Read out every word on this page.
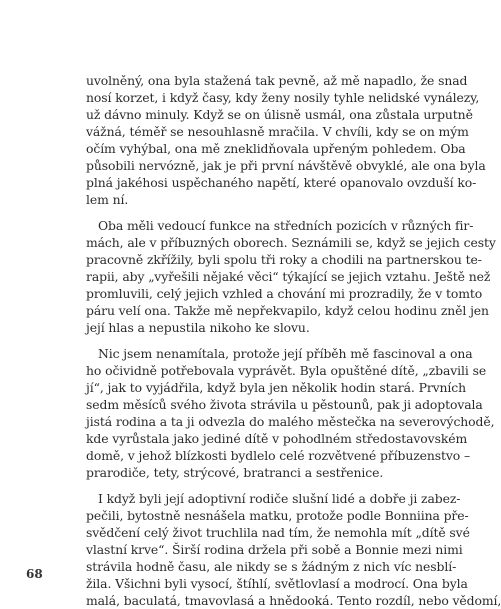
uvolněný, ona byla stažená tak pevně, až mě napadlo, že snad
nosí korzet, i když časy, kdy ženy nosily tyhle nelidské vynálezy,
už dávno minuly. Když se on úlisně usmál, ona zůstala urputně
vážná, téměř se nesouhlasně mračila. V chvíli, kdy se on mým
očím vyhýbal, ona mě zneklidňovala upřeným pohledem. Oba
působili nervózně, jak je při první návštěvě obvyklé, ale ona byla
plná jakéhosi uspěchaného napětí, které opanovalo ovzduší ko-
lem ní.
Oba měli vedoucí funkce na středních pozicích v různých fir-
mách, ale v příbuzných oborech. Seznámili se, když se jejich cesty
pracovně zkřížily, byli spolu tři roky a chodili na partnerskou te-
rapii, aby „vyřešili nějaké věci“ týkající se jejich vztahu. Ještě než
promluvili, celý jejich vzhled a chování mi prozradily, že v tomto
páru velí ona. Takže mě nepřekvapilo, když celou hodinu zněl jen
její hlas a nepustila nikoho ke slovu.
Nic jsem nenamítala, protože její příběh mě fascinoval a ona
ho očividně potřebovala vyprávět. Byla opuštěné dítě, „zbavili se
jí“, jak to vyjádřila, když byla jen několik hodin stará. Prvních
sedm měsíců svého života strávila u pěstounů, pak ji adoptovala
jistá rodina a ta ji odvezla do malého městečka na severovýchodě,
kde vyrůstala jako jediné dítě v pohodlném středostavovském
domě, v jehož blízkosti bydlelo celé rozvětvené příbuzenstvo –
prarodiče, tety, strýcové, bratranci a sestřenice.
I když byli její adoptivní rodiče slušní lidé a dobře ji zabez-
pečili, bytostně nesnášela matku, protože podle Bonniina pře-
svědčení celý život truchlila nad tím, že nemohla mít „dítě své
vlastní krve“. Širší rodina držela při sobě a Bonnie mezi nimi
strávila hodně času, ale nikdy se s žádným z nich víc nesblí-
žila. Všichni byli vysocí, štíhlí, světlovlasí a modrocí. Ona byla
malá, baculatá, tmavovlasá a hnědooká. Tento rozdíl, nebo vědomí,
68
